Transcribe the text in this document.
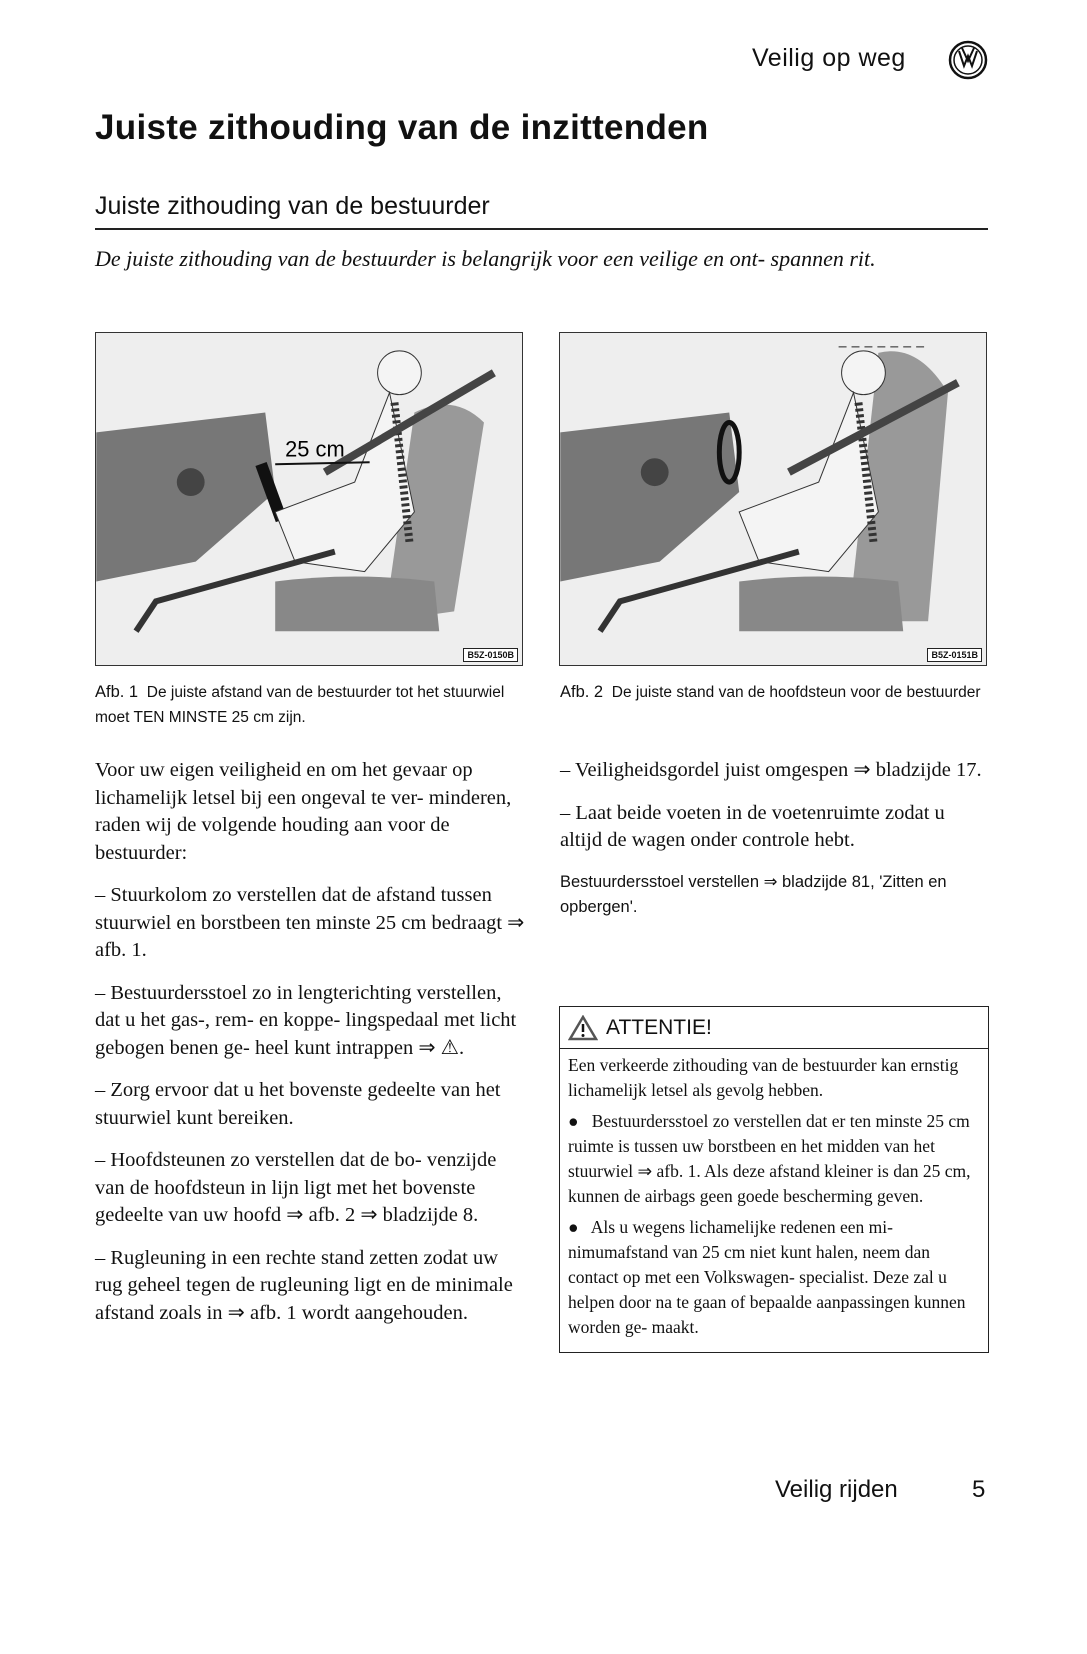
Veilig op weg
Juiste zithouding van de inzittenden
Juiste zithouding van de bestuurder

De juiste zithouding van de bestuurder is belangrijk voor een veilige en ont- spannen rit.

25 cm
B5Z-0150B	B5Z-0151B
Afb. 1 De juiste afstand van de bestuurder tot het stuurwiel moet TEN MINSTE 25 cm zijn.
Afb. 2 De juiste stand van de hoofdsteun voor de bestuurder

Voor uw eigen veiligheid en om het gevaar op lichamelijk letsel bij een ongeval te ver- minderen, raden wij de volgende houding aan voor de bestuurder:

– Stuurkolom zo verstellen dat de afstand tussen stuurwiel en borstbeen ten minste 25 cm bedraagt ⇒ afb. 1.

– Bestuurdersstoel zo in lengterichting verstellen, dat u het gas-, rem- en koppe- lingspedaal met licht gebogen benen ge- heel kunt intrappen ⇒ ⚠.

– Zorg ervoor dat u het bovenste gedeelte van het stuurwiel kunt bereiken.

– Hoofdsteunen zo verstellen dat de bo- venzijde van de hoofdsteun in lijn ligt met het bovenste gedeelte van uw hoofd ⇒ afb. 2 ⇒ bladzijde 8.

– Rugleuning in een rechte stand zetten zodat uw rug geheel tegen de rugleuning ligt en de minimale afstand zoals in ⇒ afb. 1 wordt aangehouden.

– Veiligheidsgordel juist omgespen ⇒ bladzijde 17.

– Laat beide voeten in de voetenruimte zodat u altijd de wagen onder controle hebt.

Bestuurdersstoel verstellen ⇒ bladzijde 81, 'Zitten en opbergen'.

ATTENTIE!

Een verkeerde zithouding van de bestuurder kan ernstig lichamelijk letsel als gevolg hebben.

●   Bestuurdersstoel zo verstellen dat er ten minste 25 cm ruimte is tussen uw borstbeen en het midden van het stuurwiel ⇒ afb. 1. Als deze afstand kleiner is dan 25 cm, kunnen de airbags geen goede bescherming geven.

●   Als u wegens lichamelijke redenen een mi- nimumafstand van 25 cm niet kunt halen, neem dan contact op met een Volkswagen- specialist. Deze zal u helpen door na te gaan of bepaalde aanpassingen kunnen worden ge- maakt.

Veilig rijden	5
